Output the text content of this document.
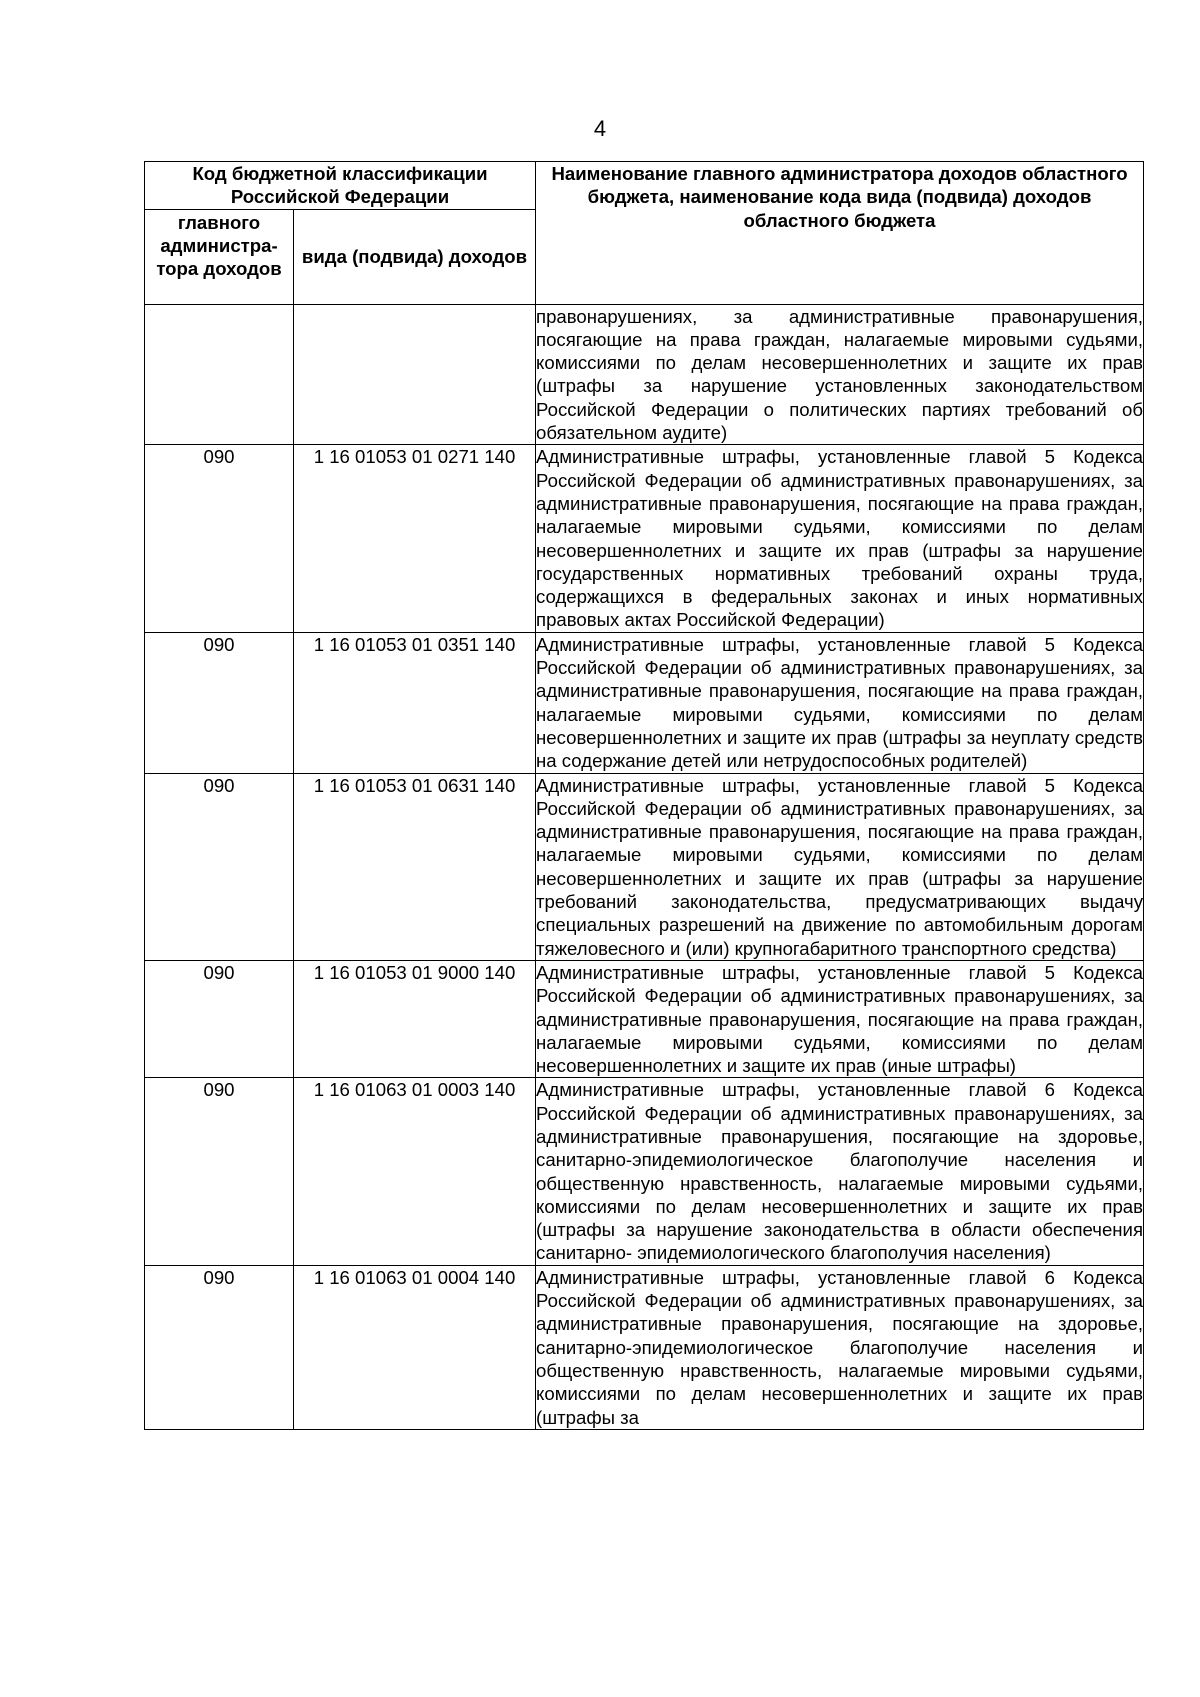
4
Код бюджетной классификации Российской Федерации		Наименование главного администратора доходов областного бюджета, наименование кода вида (подвида) доходов областного бюджета
главного администра-тора доходов	вида (подвида) доходов	
		правонарушениях, за административные правонарушения, посягающие на права граждан, налагаемые мировыми судьями, комиссиями по делам несовершеннолетних и защите их прав (штрафы за нарушение установленных законодательством Российской Федерации о политических партиях требований об обязательном аудите)
090	1 16 01053 01 0271 140	Административные штрафы, установленные главой 5 Кодекса Российской Федерации об административных правонарушениях, за административные правонарушения, посягающие на права граждан, налагаемые мировыми судьями, комиссиями по делам несовершеннолетних и защите их прав (штрафы за нарушение государственных нормативных требований охраны труда, содержащихся в федеральных законах и иных нормативных правовых актах Российской Федерации)
090	1 16 01053 01 0351 140	Административные штрафы, установленные главой 5 Кодекса Российской Федерации об административных правонарушениях, за административные правонарушения, посягающие на права граждан, налагаемые мировыми судьями, комиссиями по делам несовершеннолетних и защите их прав (штрафы за неуплату средств на содержание детей или нетрудоспособных родителей)
090	1 16 01053 01 0631 140	Административные штрафы, установленные главой 5 Кодекса Российской Федерации об административных правонарушениях, за административные правонарушения, посягающие на права граждан, налагаемые мировыми судьями, комиссиями по делам несовершеннолетних и защите их прав (штрафы за нарушение требований законодательства, предусматривающих выдачу специальных разрешений на движение по автомобильным дорогам тяжеловесного и (или) крупногабаритного транспортного средства)
090	1 16 01053 01 9000 140	Административные штрафы, установленные главой 5 Кодекса Российской Федерации об административных правонарушениях, за административные правонарушения, посягающие на права граждан, налагаемые мировыми судьями, комиссиями по делам несовершеннолетних и защите их прав (иные штрафы)
090	1 16 01063 01 0003 140	Административные штрафы, установленные главой 6 Кодекса Российской Федерации об административных правонарушениях, за административные правонарушения, посягающие на здоровье, санитарно-эпидемиологическое благополучие населения и общественную нравственность, налагаемые мировыми судьями, комиссиями по делам несовершеннолетних и защите их прав (штрафы за нарушение законодательства в области обеспечения санитарно- эпидемиологического благополучия населения)
090	1 16 01063 01 0004 140	Административные штрафы, установленные главой 6 Кодекса Российской Федерации об административных правонарушениях, за административные правонарушения, посягающие на здоровье, санитарно-эпидемиологическое благополучие населения и общественную нравственность, налагаемые мировыми судьями, комиссиями по делам несовершеннолетних и защите их прав (штрафы за
